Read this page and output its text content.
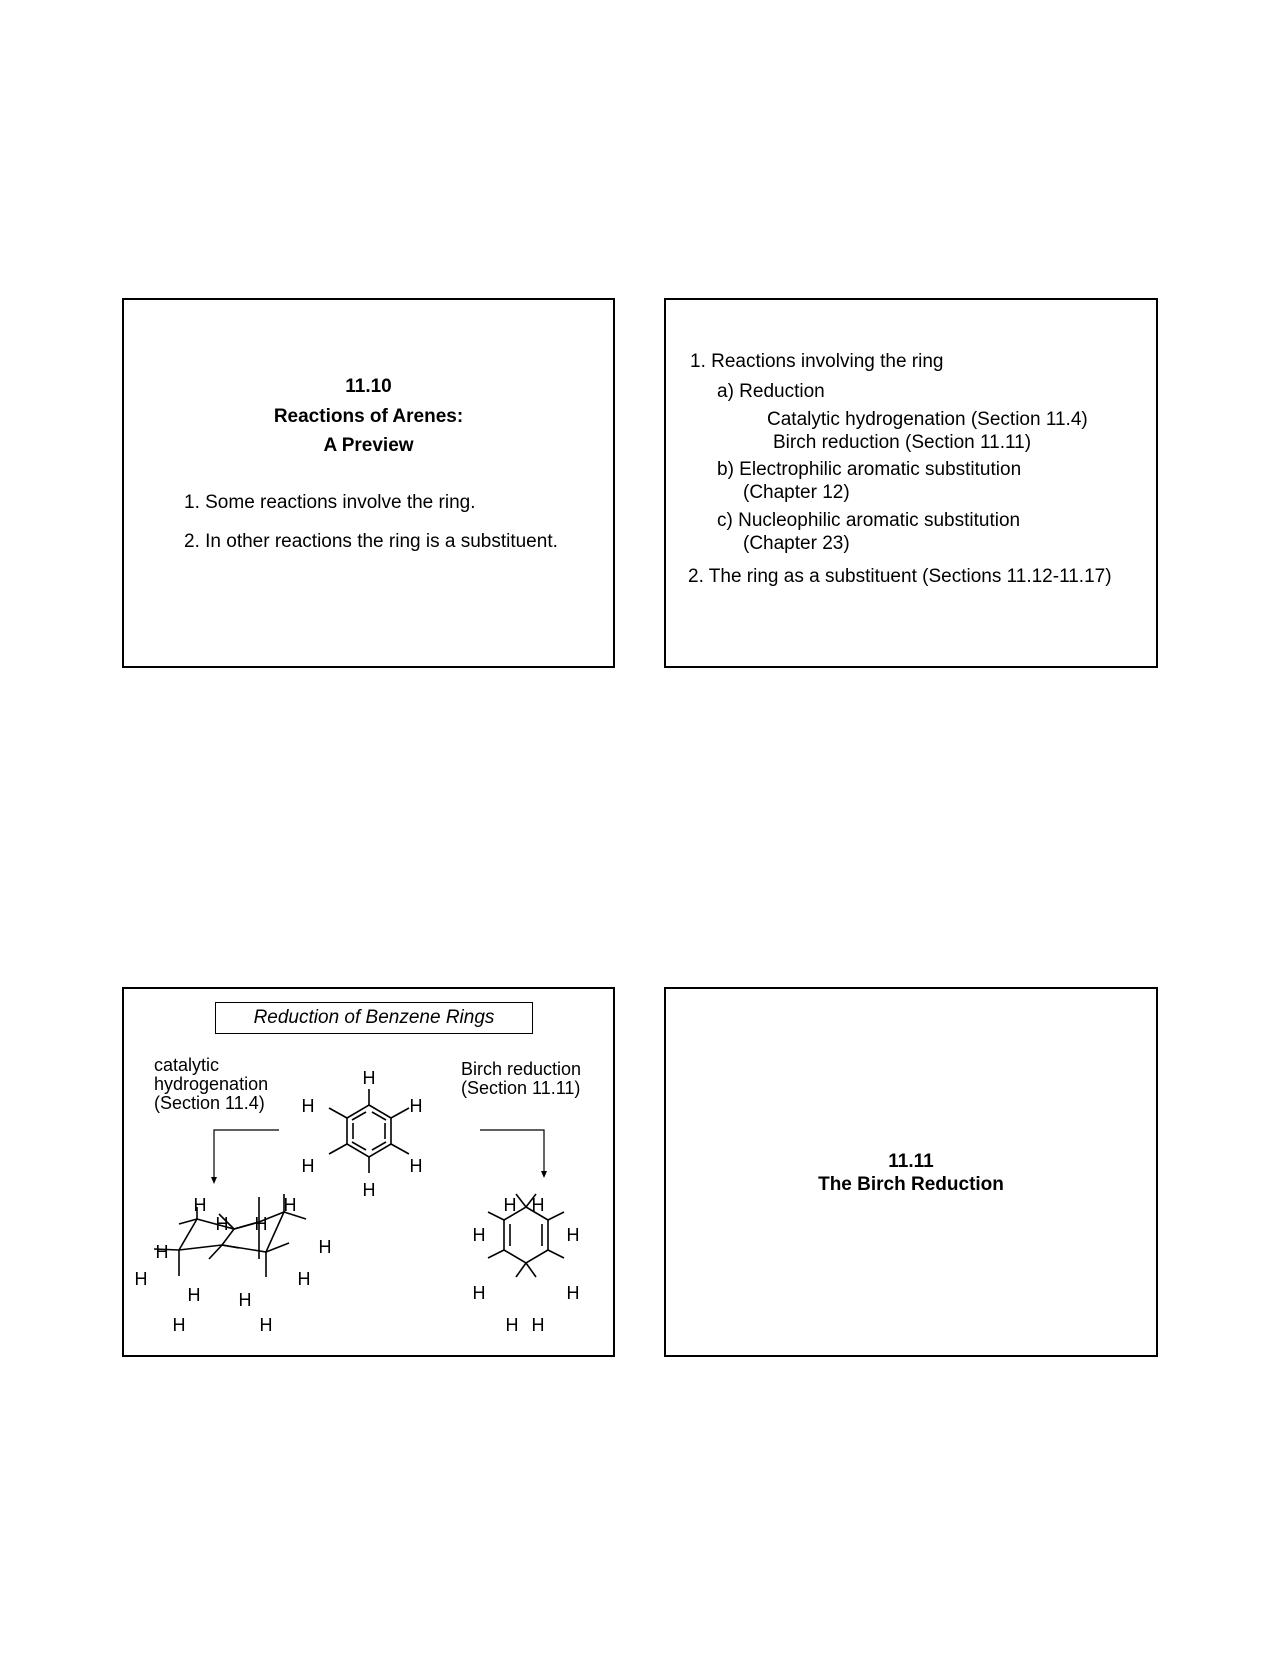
11.10
Reactions of Arenes:
A Preview
1. Some reactions involve the ring.
2. In other reactions the ring is a substituent.
1. Reactions involving the ring
a) Reduction
Catalytic hydrogenation (Section 11.4)
Birch reduction (Section 11.11)
b) Electrophilic aromatic substitution
(Chapter 12)
c) Nucleophilic aromatic substitution
(Chapter 23)
2. The ring as a substituent (Sections 11.12-11.17)
Reduction of Benzene Rings
catalytic
hydrogenation
(Section 11.4)
Birch reduction
(Section 11.11)
H
H
H
H
H
H
H	H
H H
H	H
H
H
H
H
H	H
H H
H
H
H
H
H H
11.11
The Birch Reduction
